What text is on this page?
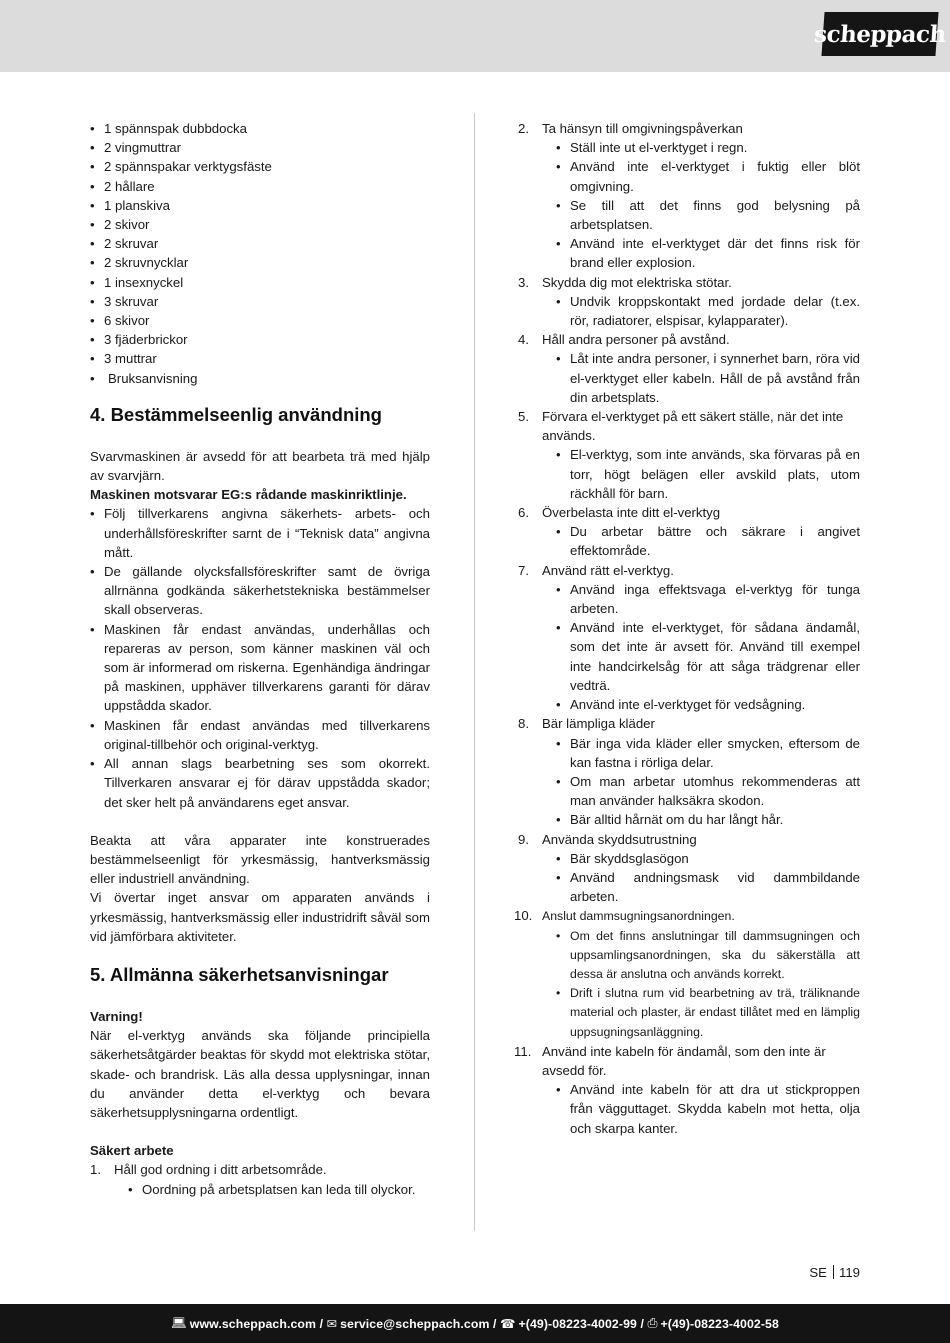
scheppach
• 1 spännspak dubbdocka
• 2 vingmuttrar
• 2 spännspakar verktygsfäste
• 2 hållare
• 1 planskiva
• 2 skivor
• 2 skruvar
• 2 skruvnycklar
• 1 insexnyckel
• 3 skruvar
• 6 skivor
• 3 fjäderbrickor
• 3 muttrar
• Bruksanvisning
4. Bestämmelseenlig användning

Svarvmaskinen är avsedd för att bearbeta trä med hjälp av svarvjärn.

Maskinen motsvarar EG:s rådande maskinriktlinje.

• Följ tillverkarens angivna säkerhets- arbets- och underhållsföreskrifter sarnt de i “Teknisk data” angivna mått.
• De gällande olycksfallsföreskrifter samt de övriga allrnänna godkända säkerhetstekniska bestämmelser skall observeras.
• Maskinen får endast användas, underhållas och repareras av person, som känner maskinen väl och som är informerad om riskerna. Egenhändiga ändringar på maskinen, upphäver tillverkarens garanti för därav uppstådda skador.
• Maskinen får endast användas med tillverkarens original-tillbehör och original-verktyg.
• All annan slags bearbetning ses som okorrekt. Tillverkaren ansvarar ej för därav uppstådda skador; det sker helt på användarens eget ansvar.

Beakta att våra apparater inte konstruerades bestämmelseenligt för yrkesmässig, hantverksmässig eller industriell användning.

Vi övertar inget ansvar om apparaten används i yrkesmässig, hantverksmässig eller industridrift såväl som vid jämförbara aktiviteter.

5. Allmänna säkerhetsanvisningar

Varning!

När el-verktyg används ska följande principiella säkerhetsåtgärder beaktas för skydd mot elektriska stötar, skade- och brandrisk. Läs alla dessa upplysningar, innan du använder detta el-verktyg och bevara säkerhetsupplysningarna ordentligt.

Säkert arbete

1. Håll god ordning i ditt arbetsområde.
• Oordning på arbetsplatsen kan leda till olyckor.
2. Ta hänsyn till omgivningspåverkan
• Ställ inte ut el-verktyget i regn.
• Använd inte el-verktyget i fuktig eller blöt omgivning.
• Se till att det finns god belysning på arbetsplatsen.
• Använd inte el-verktyget där det finns risk för brand eller explosion.
3. Skydda dig mot elektriska stötar.
• Undvik kroppskontakt med jordade delar (t.ex. rör, radiatorer, elspisar, kylapparater).
4. Håll andra personer på avstånd.
• Låt inte andra personer, i synnerhet barn, röra vid el-verktyget eller kabeln. Håll de på avstånd från din arbetsplats.
5. Förvara el-verktyget på ett säkert ställe, när det inte används.
• El-verktyg, som inte används, ska förvaras på en torr, högt belägen eller avskild plats, utom räckhåll för barn.
6. Överbelasta inte ditt el-verktyg
• Du arbetar bättre och säkrare i angivet effektområde.
7. Använd rätt el-verktyg.
• Använd inga effektsvaga el-verktyg för tunga arbeten.
• Använd inte el-verktyget, för sådana ändamål, som det inte är avsett för. Använd till exempel inte handcirkelsåg för att såga trädgrenar eller vedträ.
• Använd inte el-verktyget för vedsågning.
8. Bär lämpliga kläder
• Bär inga vida kläder eller smycken, eftersom de kan fastna i rörliga delar.
• Om man arbetar utomhus rekommenderas att man använder halksäkra skodon.
• Bär alltid hårnät om du har långt hår.
9. Använda skyddsutrustning
• Bär skyddsglasögon
• Använd andningsmask vid dammbildande arbeten.
10. Anslut dammsugningsanordningen.
• Om det finns anslutningar till dammsugningen och uppsamlingsanordningen, ska du säkerställa att dessa är anslutna och används korrekt.
• Drift i slutna rum vid bearbetning av trä, träliknande material och plaster, är endast tillåtet med en lämplig uppsugningsanläggning.
11. Använd inte kabeln för ändamål, som den inte är avsedd för.
• Använd inte kabeln för att dra ut stickproppen från vägguttaget. Skydda kabeln mot hetta, olja och skarpa kanter.
SE 119
💻︎ www.scheppach.com /
✉ service@scheppach.com /
☎ +(49)-08223-4002-99 /
⎙ +(49)-08223-4002-58
